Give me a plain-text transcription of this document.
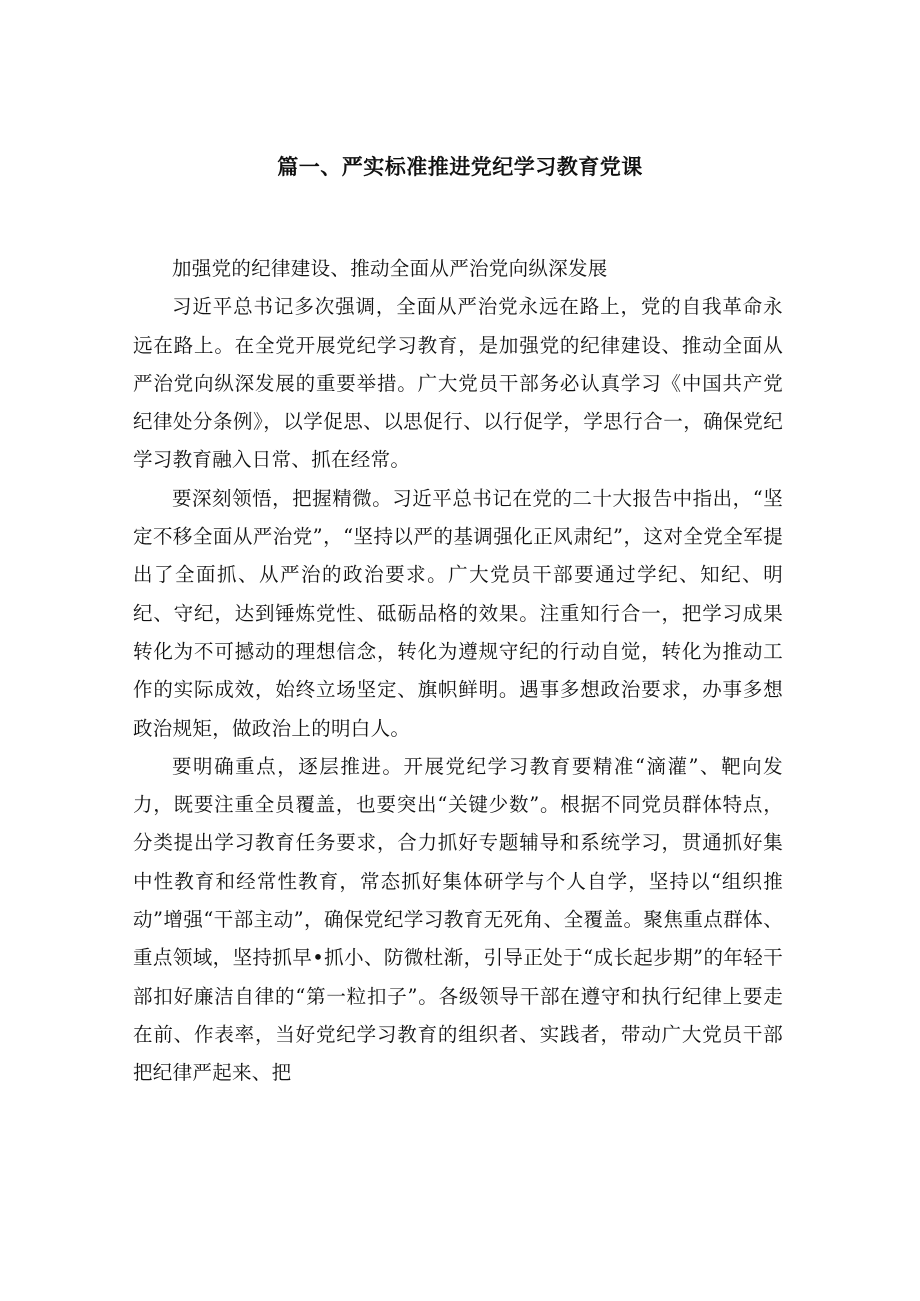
篇一、严实标准推进党纪学习教育党课

加强党的纪律建设、推动全面从严治党向纵深发展

习近平总书记多次强调，全面从严治党永远在路上，党的自我革命永远在路上。在全党开展党纪学习教育，是加强党的纪律建设、推动全面从严治党向纵深发展的重要举措。广大党员干部务必认真学习《中国共产党纪律处分条例》，以学促思、以思促行、以行促学，学思行合一，确保党纪学习教育融入日常、抓在经常。

要深刻领悟，把握精微。习近平总书记在党的二十大报告中指出，“坚定不移全面从严治党”，“坚持以严的基调强化正风肃纪”，这对全党全军提出了全面抓、从严治的政治要求。广大党员干部要通过学纪、知纪、明纪、守纪，达到锤炼党性、砥砺品格的效果。注重知行合一，把学习成果转化为不可撼动的理想信念，转化为遵规守纪的行动自觉，转化为推动工作的实际成效，始终立场坚定、旗帜鲜明。遇事多想政治要求，办事多想政治规矩，做政治上的明白人。

要明确重点，逐层推进。开展党纪学习教育要精准“滴灌”、靶向发力，既要注重全员覆盖，也要突出“关键少数”。根据不同党员群体特点，分类提出学习教育任务要求，合力抓好专题辅导和系统学习，贯通抓好集中性教育和经常性教育，常态抓好集体研学与个人自学，坚持以“组织推动”增强“干部主动”，确保党纪学习教育无死角、全覆盖。聚焦重点群体、重点领域，坚持抓早•抓小、防微杜渐，引导正处于“成长起步期”的年轻干部扣好廉洁自律的“第一粒扣子”。各级领导干部在遵守和执行纪律上要走在前、作表率，当好党纪学习教育的组织者、实践者，带动广大党员干部把纪律严起来、把
